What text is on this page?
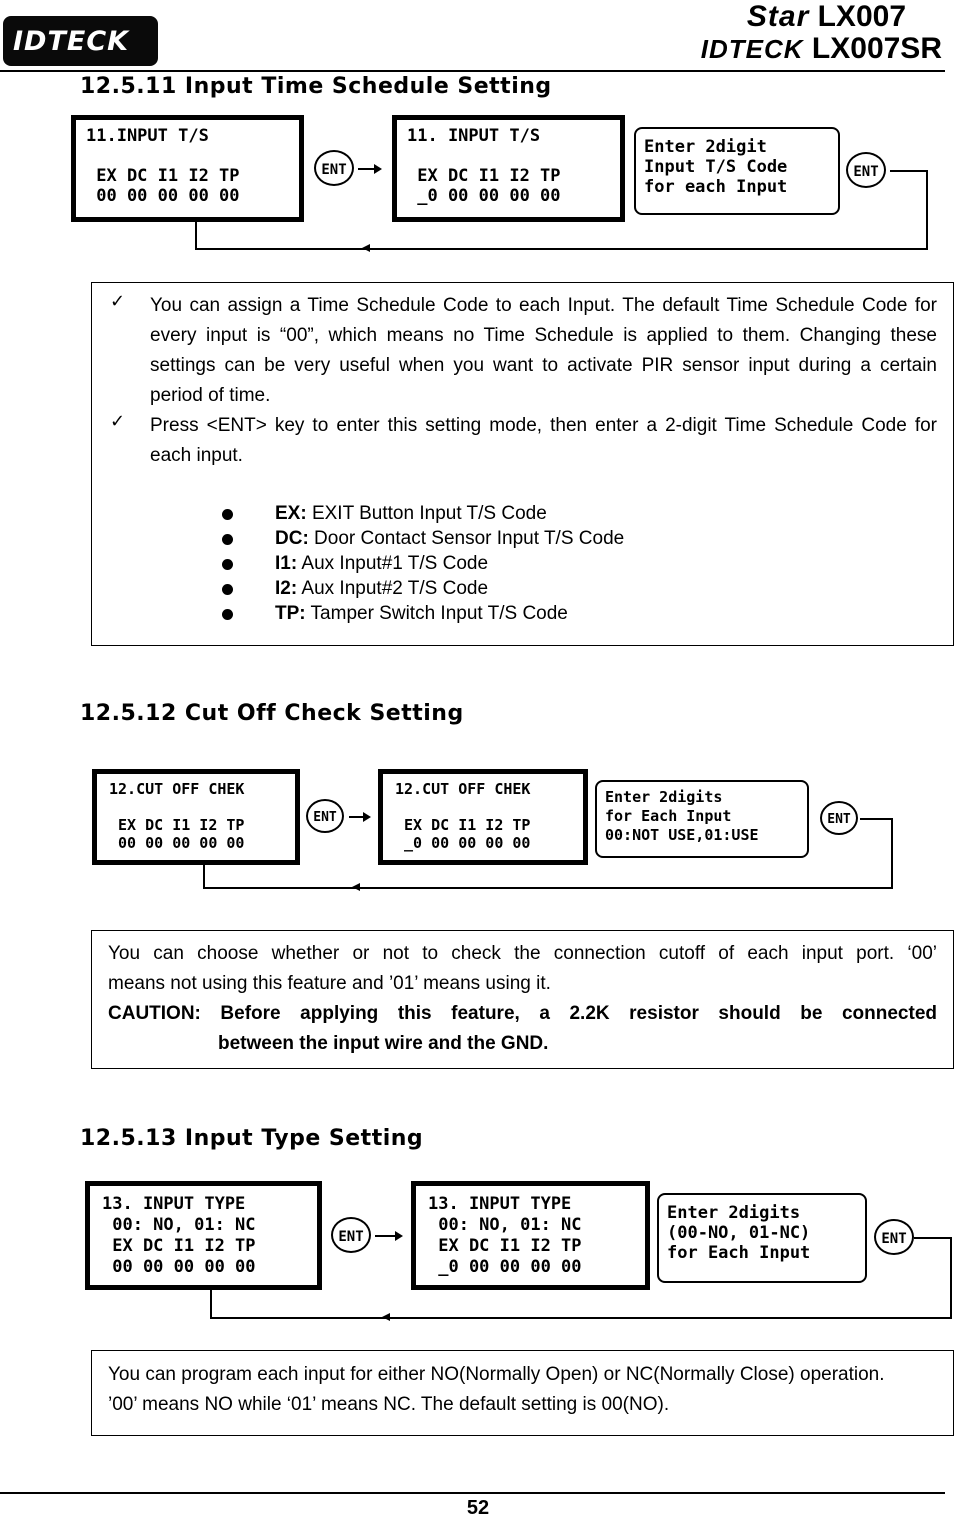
IDTECK
Star LX007
IDTECK LX007SR
12.5.11 Input Time Schedule Setting
11.INPUT T/S

EX DC I1 I2 TP
00 00 00 00 00
ENT
11. INPUT T/S

EX DC I1 I2 TP
_0 00 00 00 00
Enter 2digit
Input T/S Code
for each Input
ENT
✓ You can assign a Time Schedule Code to each Input. The default Time Schedule Code for every input is “00”, which means no Time Schedule is applied to them. Changing these settings can be very useful when you want to activate PIR sensor input during a certain period of time.
✓ Press <ENT> key to enter this setting mode, then enter a 2-digit Time Schedule Code for each input.
EX: EXIT Button Input T/S Code
DC: Door Contact Sensor Input T/S Code
I1: Aux Input#1 T/S Code
I2: Aux Input#2 T/S Code
TP: Tamper Switch Input T/S Code
12.5.12 Cut Off Check Setting
12.CUT OFF CHEK

EX DC I1 I2 TP
00 00 00 00 00
ENT
12.CUT OFF CHEK

EX DC I1 I2 TP
_0 00 00 00 00
Enter 2digits
for Each Input
00:NOT USE,01:USE
ENT
You can choose whether or not to check the connection cutoff of each input port. ‘00’
means not using this feature and ’01’ means using it.
CAUTION: Before applying this feature, a 2.2K resistor should be connected
between the input wire and the GND.
12.5.13 Input Type Setting
13. INPUT TYPE
00: NO, 01: NC
EX DC I1 I2 TP
00 00 00 00 00
ENT
13. INPUT TYPE
00: NO, 01: NC
EX DC I1 I2 TP
_0 00 00 00 00
Enter 2digits
(00-NO, 01-NC)
for Each Input
ENT
You can program each input for either NO(Normally Open) or NC(Normally Close) operation.
’00’ means NO while ‘01’ means NC. The default setting is 00(NO).
52
